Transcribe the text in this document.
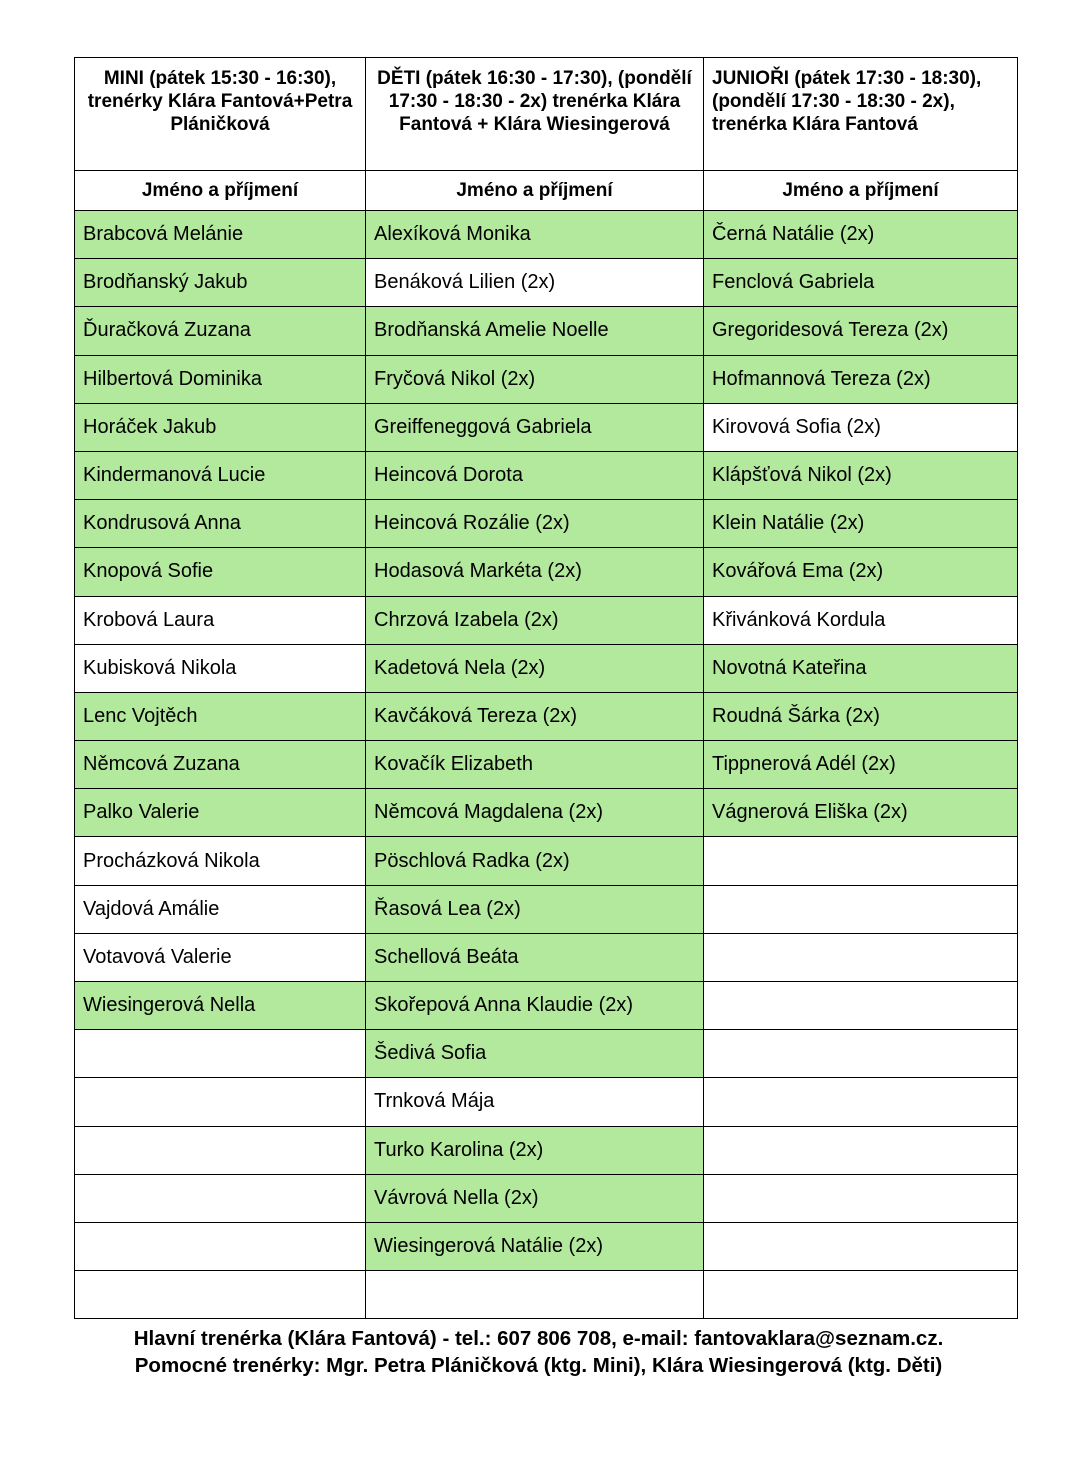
MINI (pátek 15:30 - 16:30), trenérky Klára Fantová+Petra Pláničková	DĚTI (pátek 16:30 - 17:30), (pondělí 17:30 - 18:30 - 2x) trenérka Klára Fantová + Klára Wiesingerová	JUNIOŘI (pátek 17:30 - 18:30), (pondělí 17:30 - 18:30 - 2x), trenérka Klára Fantová
Jméno a příjmení	Jméno a příjmení	Jméno a příjmení
Brabcová Melánie	Alexíková Monika	Černá Natálie (2x)
Brodňanský Jakub	Benáková Lilien (2x)	Fenclová Gabriela
Ďuračková Zuzana	Brodňanská Amelie Noelle	Gregoridesová Tereza (2x)
Hilbertová Dominika	Fryčová Nikol (2x)	Hofmannová Tereza (2x)
Horáček Jakub	Greiffeneggová Gabriela	Kirovová Sofia (2x)
Kindermanová Lucie	Heincová Dorota	Klápšťová Nikol (2x)
Kondrusová Anna	Heincová Rozálie (2x)	Klein Natálie (2x)
Knopová Sofie	Hodasová Markéta (2x)	Kovářová Ema (2x)
Krobová Laura	Chrzová Izabela (2x)	Křivánková Kordula
Kubisková Nikola	Kadetová Nela (2x)	Novotná Kateřina
Lenc Vojtěch	Kavčáková Tereza (2x)	Roudná Šárka (2x)
Němcová Zuzana	Kovačík Elizabeth	Tippnerová Adél (2x)
Palko Valerie	Němcová Magdalena (2x)	Vágnerová Eliška (2x)
Procházková Nikola	Pöschlová Radka (2x)	
Vajdová Amálie	Řasová Lea (2x)	
Votavová Valerie	Schellová Beáta	
Wiesingerová Nella	Skořepová Anna Klaudie (2x)	
	Šedivá Sofia	
	Trnková Mája	
	Turko Karolina (2x)	
	Vávrová Nella (2x)	
	Wiesingerová Natálie (2x)	

Hlavní trenérka (Klára Fantová) - tel.: 607 806 708, e-mail: fantovaklara@seznam.cz.
Pomocné trenérky: Mgr. Petra Pláničková (ktg. Mini), Klára Wiesingerová (ktg. Děti)
